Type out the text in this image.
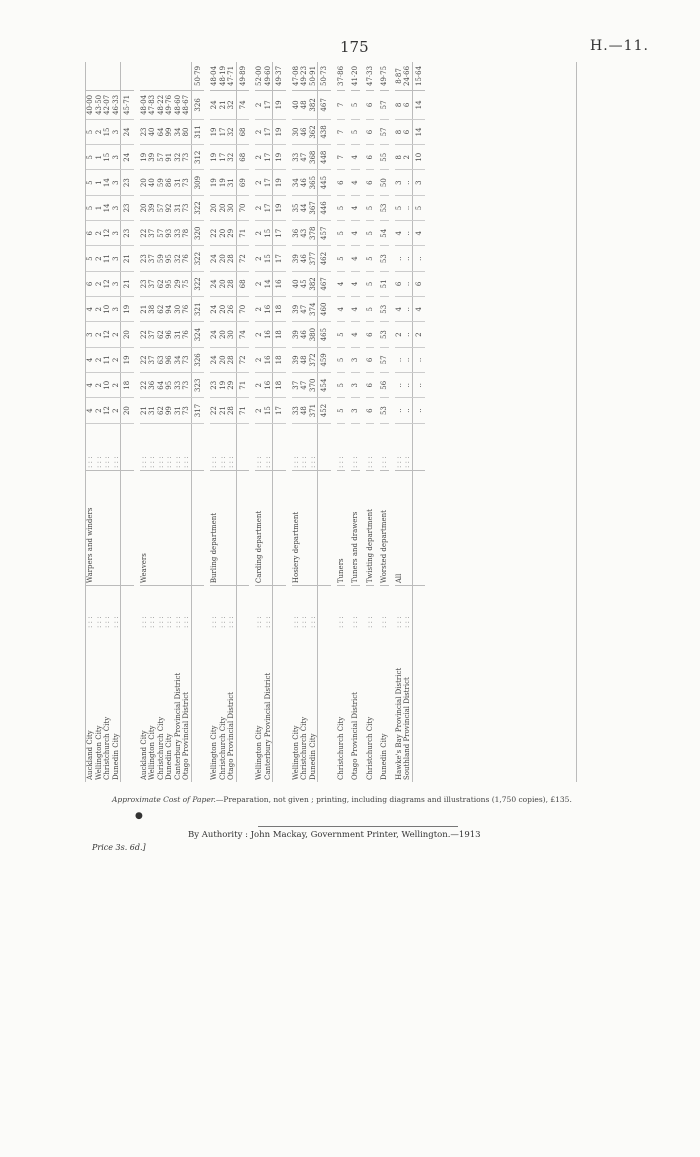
175	H.—11.
Auckland City	: : :	Warpers and winders	: : :	4	4	4	3	4	6	5	6	5	5	5	5	40·00	
Wellington City	: : :		: : :	2	2	2	2	2	2	2	2	1	1	1	2	43·50	
Christchurch City	: : :		: : :	12	10	11	12	10	12	11	12	14	14	15	15	42·07	
Dunedin City	: : :		: : :	2	2	2	2	3	3	3	3	3	3	3	3	46·33	
				20	18	19	20	19	21	21	23	23	23	24	24	45·71	

Auckland City	: : :	Weavers	: : :	21	22	22	22	21	23	23	22	20	20	19	23	48·04	
Wellington City	: : :		: : :	31	36	37	37	38	37	37	37	39	40	39	40	47·83	
Christchurch City	: : :		: : :	62	64	63	62	62	62	59	57	57	59	57	64	48·22	
Dunedin City	: : :		: : :	99	95	96	96	94	95	95	93	92	86	91	99	49·76	
Canterbury Provincial District	: : :		: : :	31	33	34	31	30	29	32	33	31	31	32	34	48·60	
Otago Provincial District	: : :		: : :	73	73	73	76	76	75	76	78	73	73	73	80	48·67	
				317	323	326	324	321	322	322	320	322	309	312	311	326	50·79

Wellington City	: : :	Burling department	: : :	22	23	24	24	24	24	24	22	20	19	19	19	24	48·04
Christchurch City	: : :		: : :	21	19	20	20	20	20	20	20	20	19	17	17	21	48·19
Otago Provincial District	: : :		: : :	28	29	28	30	26	28	28	29	30	31	32	32	32	47·71
				71	71	72	74	70	68	72	71	70	69	68	68	74	49·89

Wellington City	: : :	Carding department	: : :	2	2	2	2	2	2	2	2	2	2	2	2	2	52·00
Canterbury Provincial District	: : :		: : :	15	16	16	16	16	14	15	15	17	17	17	17	17	49·60
				17	18	18	18	18	16	17	17	19	19	19	19	19	49·37

Wellington City	: : :	Hosiery department	: : :	33	37	39	39	39	40	39	36	35	34	33	30	40	47·08
Christchurch City	: : :		: : :	48	47	48	46	47	45	46	43	44	46	47	46	48	49·23
Dunedin City	: : :		: : :	371	370	372	380	374	382	377	378	367	365	368	362	382	50·91
				452	454	459	465	460	467	462	457	446	445	448	438	467	50·73

Christchurch City	: : :	Tuners	: : :	5	5	5	5	4	4	5	5	5	6	7	7	7	37·86

Otago Provincial District	: : :	Tuners and drawers	: : :	3	3	3	4	4	4	4	4	4	4	4	5	5	41·20

Christchurch City	: : :	Twisting department	: : :	6	6	6	6	5	5	5	5	5	6	6	6	6	47·33

Dunedin City	: : :	Worsted department	: : :	53	56	57	53	53	51	53	54	53	50	55	57	57	49·75

Hawke's Bay Provincial District	: : :	All	: : :	..	..	..	2	4	6	..	4	5	3	8	8	8	8·87
Southland Provincial District	: : :		: : :	..	..	..	..	..	..	..	..	..	..	2	6	6	24·66
				..	..	..	2	4	6	..	4	5	3	10	14	14	15·64
Approximate Cost of Paper.—Preparation, not given ; printing, including diagrams and illustrations (1,750 copies), £135.
●
By Authority : John Mackay, Government Printer, Wellington.—1913
Price 3s. 6d.]
